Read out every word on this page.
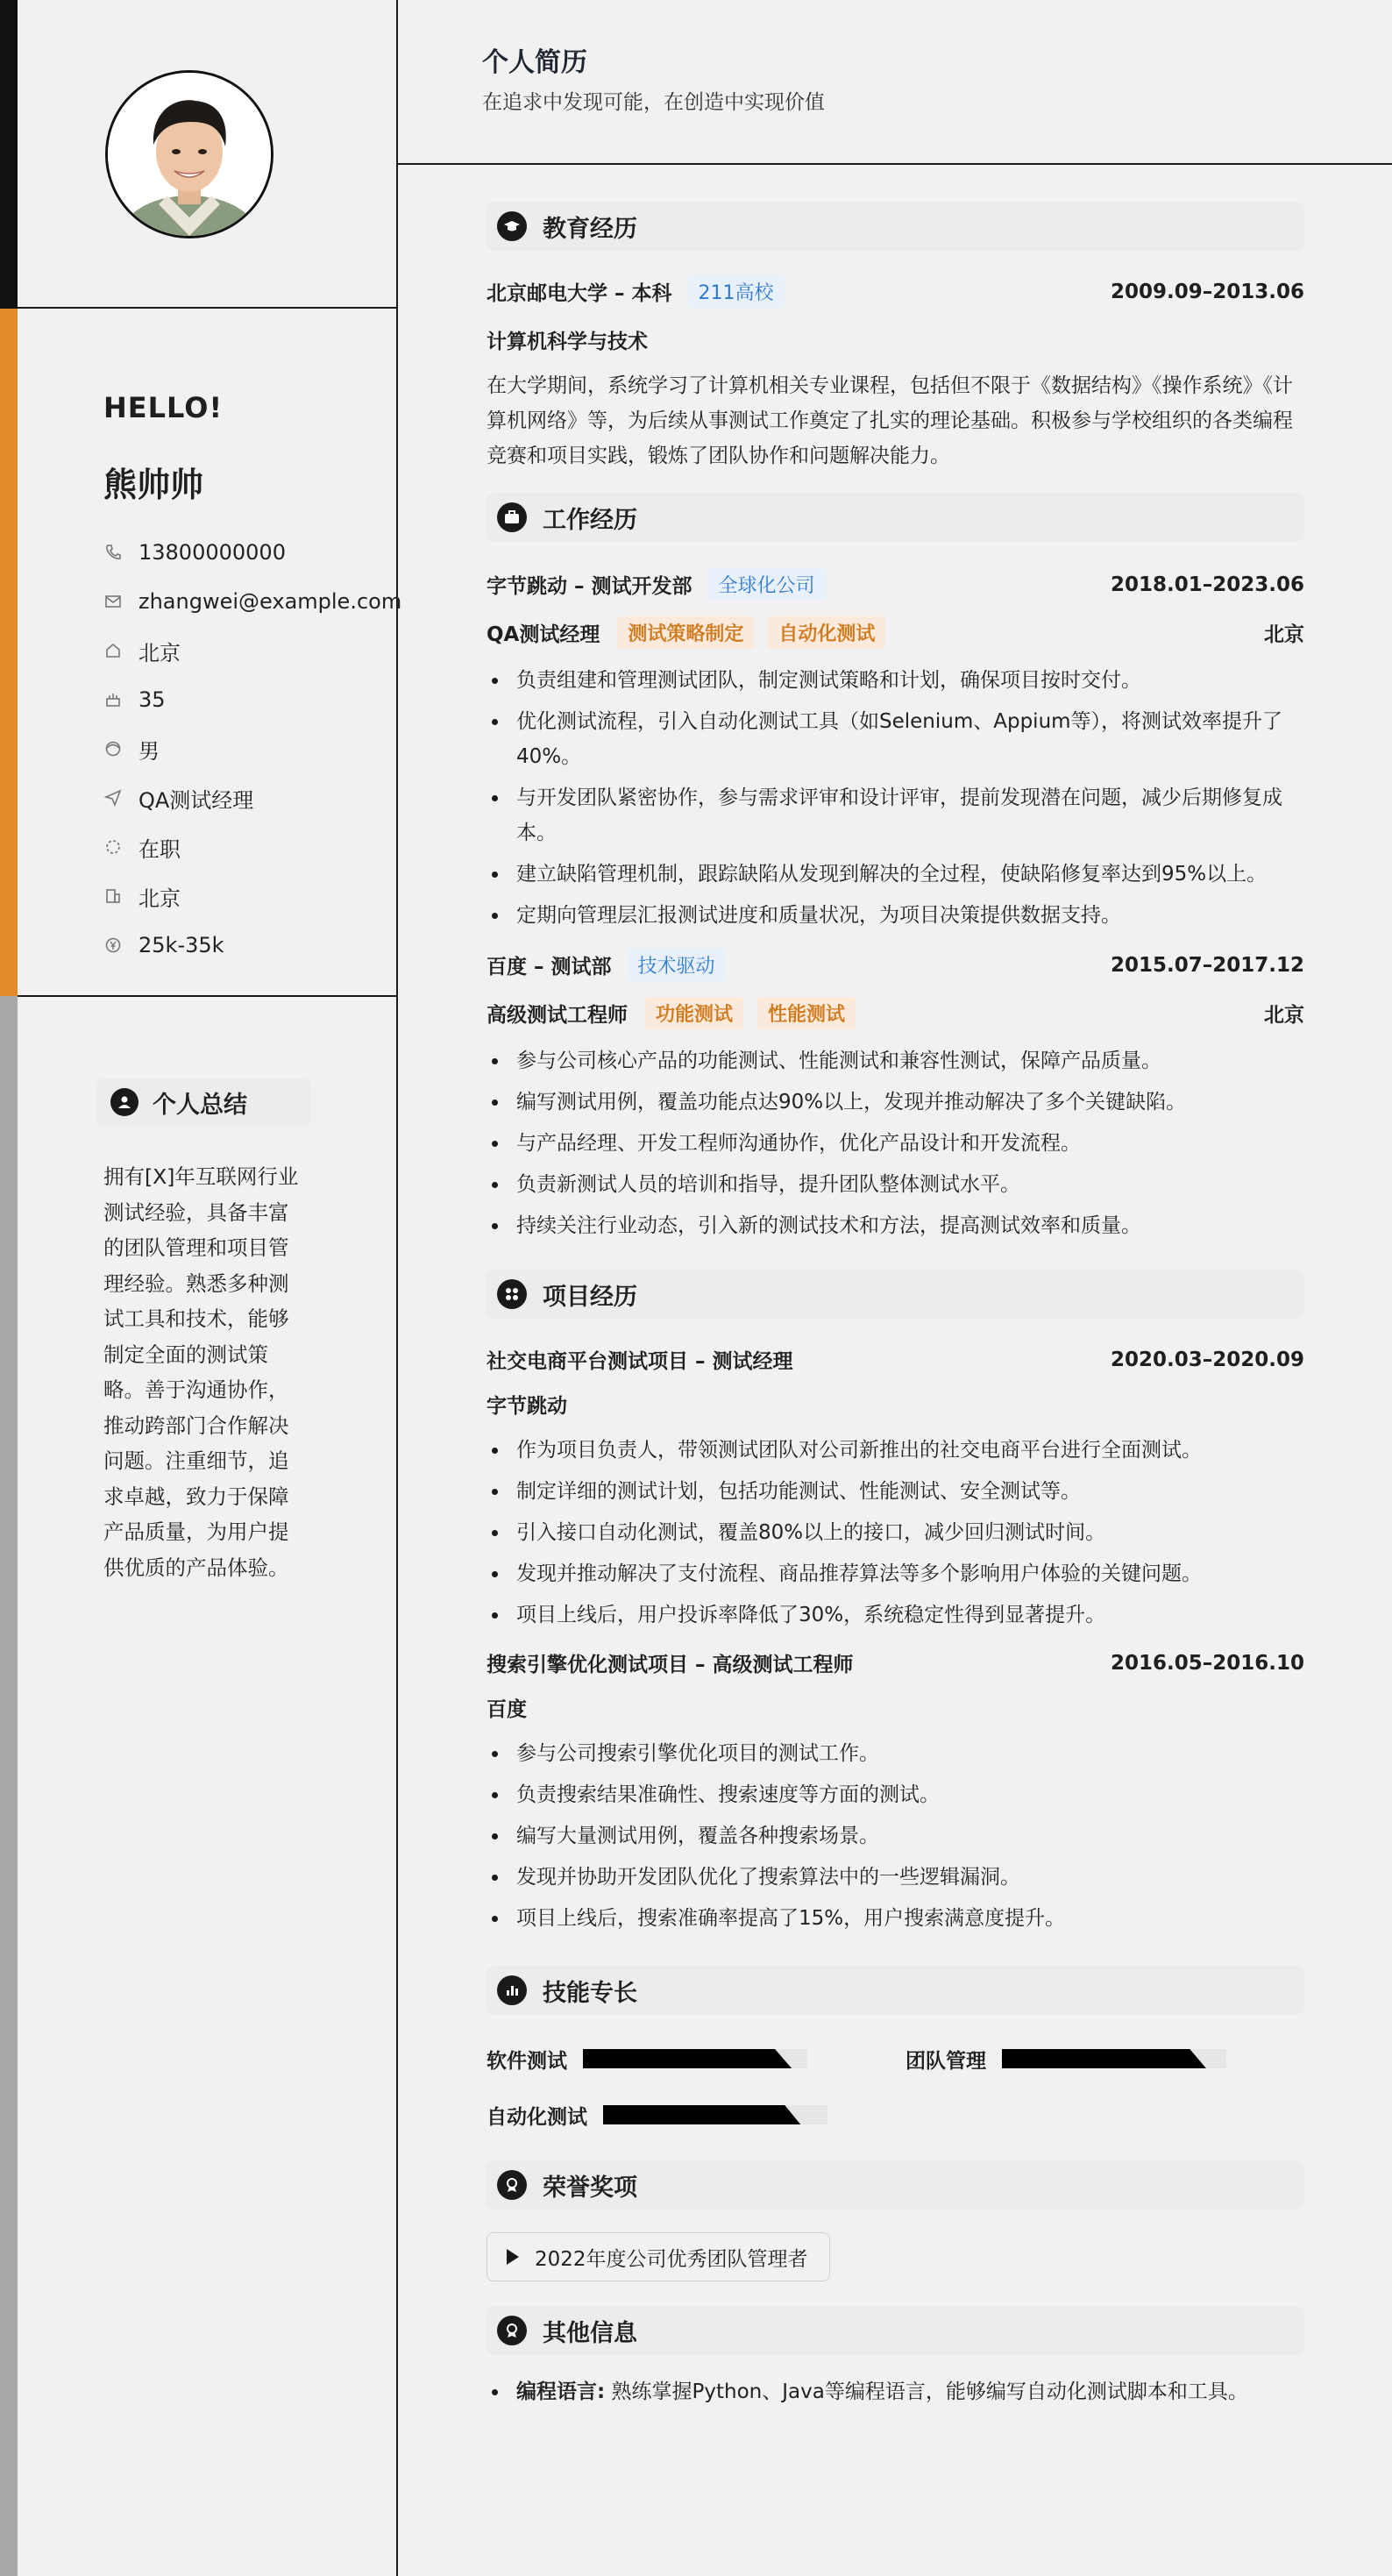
HELLO!
熊帅帅
13800000000
zhangwei@example.com
北京
35
男
QA测试经理
在职
北京
25k-35k
个人总结
拥有[X]年互联网行业测试经验，具备丰富的团队管理和项目管理经验。熟悉多种测试工具和技术，能够制定全面的测试策略。善于沟通协作，推动跨部门合作解决问题。注重细节，追求卓越，致力于保障产品质量，为用户提供优质的产品体验。
个人简历
在追求中发现可能，在创造中实现价值
教育经历
北京邮电大学 – 本科	211高校	2009.09–2013.06
计算机科学与技术
在大学期间，系统学习了计算机相关专业课程，包括但不限于《数据结构》《操作系统》《计算机网络》等，为后续从事测试工作奠定了扎实的理论基础。积极参与学校组织的各类编程竞赛和项目实践，锻炼了团队协作和问题解决能力。
工作经历
字节跳动 – 测试开发部	全球化公司	2018.01–2023.06
QA测试经理	测试策略制定	自动化测试	北京
负责组建和管理测试团队，制定测试策略和计划，确保项目按时交付。
优化测试流程，引入自动化测试工具（如Selenium、Appium等），将测试效率提升了40%。
与开发团队紧密协作，参与需求评审和设计评审，提前发现潜在问题，减少后期修复成本。
建立缺陷管理机制，跟踪缺陷从发现到解决的全过程，使缺陷修复率达到95%以上。
定期向管理层汇报测试进度和质量状况，为项目决策提供数据支持。
百度 – 测试部	技术驱动	2015.07–2017.12
高级测试工程师	功能测试	性能测试	北京
参与公司核心产品的功能测试、性能测试和兼容性测试，保障产品质量。
编写测试用例，覆盖功能点达90%以上，发现并推动解决了多个关键缺陷。
与产品经理、开发工程师沟通协作，优化产品设计和开发流程。
负责新测试人员的培训和指导，提升团队整体测试水平。
持续关注行业动态，引入新的测试技术和方法，提高测试效率和质量。
项目经历
社交电商平台测试项目 – 测试经理	2020.03–2020.09
字节跳动
作为项目负责人，带领测试团队对公司新推出的社交电商平台进行全面测试。
制定详细的测试计划，包括功能测试、性能测试、安全测试等。
引入接口自动化测试，覆盖80%以上的接口，减少回归测试时间。
发现并推动解决了支付流程、商品推荐算法等多个影响用户体验的关键问题。
项目上线后，用户投诉率降低了30%，系统稳定性得到显著提升。
搜索引擎优化测试项目 – 高级测试工程师	2016.05–2016.10
百度
参与公司搜索引擎优化项目的测试工作。
负责搜索结果准确性、搜索速度等方面的测试。
编写大量测试用例，覆盖各种搜索场景。
发现并协助开发团队优化了搜索算法中的一些逻辑漏洞。
项目上线后，搜索准确率提高了15%，用户搜索满意度提升。
技能专长
软件测试	团队管理
自动化测试
荣誉奖项
2022年度公司优秀团队管理者
其他信息
编程语言: 熟练掌握Python、Java等编程语言，能够编写自动化测试脚本和工具。
